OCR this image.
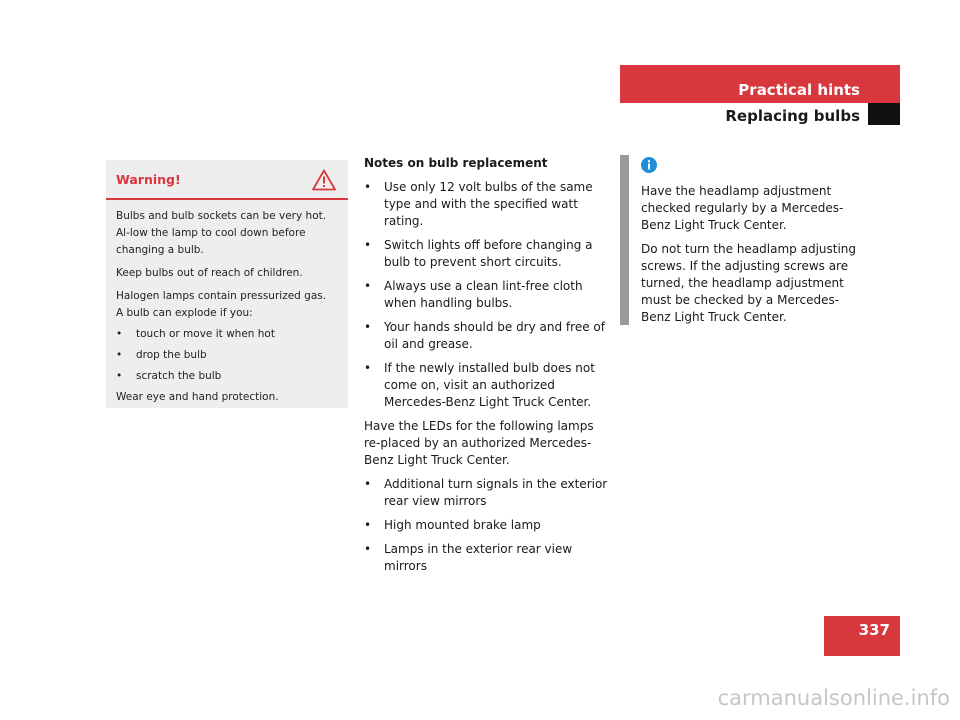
Practical hints
Replacing bulbs
Warning!

Bulbs and bulb sockets can be very hot. Al-low the lamp to cool down before changing a bulb.

Keep bulbs out of reach of children.

Halogen lamps contain pressurized gas.
A bulb can explode if you:

•	touch or move it when hot
•	drop the bulb
•	scratch the bulb

Wear eye and hand protection.

Notes on bulb replacement
•	Use only 12 volt bulbs of the same type and with the specified watt rating.
•	Switch lights off before changing a bulb to prevent short circuits.
•	Always use a clean lint-free cloth when handling bulbs.
•	Your hands should be dry and free of oil and grease.
•	If the newly installed bulb does not come on, visit an authorized Mercedes-Benz Light Truck Center.

Have the LEDs for the following lamps re-placed by an authorized Mercedes-Benz Light Truck Center.

•	Additional turn signals in the exterior rear view mirrors
•	High mounted brake lamp
•	Lamps in the exterior rear view mirrors

Have the headlamp adjustment checked regularly by a Mercedes-Benz Light Truck Center.

Do not turn the headlamp adjusting screws. If the adjusting screws are turned, the headlamp adjustment must be checked by a Mercedes-Benz Light Truck Center.

337
carmanualsonline.info
